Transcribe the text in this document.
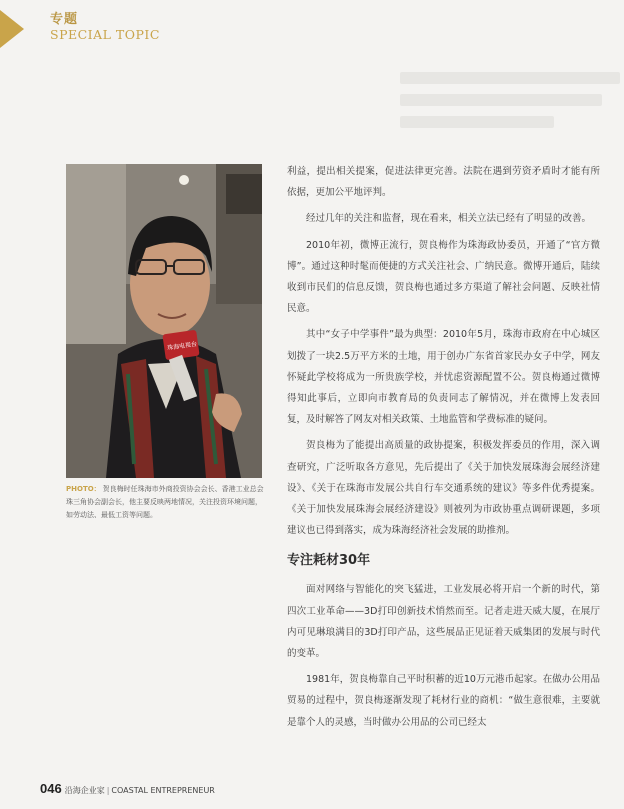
专题
SPECIAL TOPIC
珠海电视台
PHOTO： 贺良梅时任珠海市外商投资协会会长、香港工业总会珠三角协会副会长，他主要反映两地情况，关注投资环境问题，如劳动法、最低工资等问题。

利益，提出相关提案，促进法律更完善。法院在遇到劳资矛盾时才能有所依据，更加公平地评判。

经过几年的关注和监督，现在看来，相关立法已经有了明显的改善。

2010年初，微博正流行，贺良梅作为珠海政协委员，开通了“官方微博”。通过这种时髦而便捷的方式关注社会、广纳民意。微博开通后，陆续收到市民们的信息反馈，贺良梅也通过多方渠道了解社会问题、反映社情民意。

其中“女子中学事件”最为典型：2010年5月，珠海市政府在中心城区划拨了一块2.5万平方米的土地，用于创办广东省首家民办女子中学，网友怀疑此学校将成为一所贵族学校，并忧虑资源配置不公。贺良梅通过微博得知此事后，立即向市教育局的负责同志了解情况，并在微博上发表回复，及时解答了网友对相关政策、土地监管和学费标准的疑问。

贺良梅为了能提出高质量的政协提案，积极发挥委员的作用，深入调查研究，广泛听取各方意见，先后提出了《关于加快发展珠海会展经济建设》、《关于在珠海市发展公共自行车交通系统的建议》等多件优秀提案。《关于加快发展珠海会展经济建设》则被列为市政协重点调研课题，多项建议也已得到落实，成为珠海经济社会发展的助推剂。

专注耗材30年

面对网络与智能化的突飞猛进，工业发展必将开启一个新的时代，第四次工业革命——3D打印创新技术悄然而至。记者走进天威大厦，在展厅内可见琳琅满目的3D打印产品，这些展品正见证着天威集团的发展与时代的变革。

1981年，贺良梅靠自己平时积蓄的近10万元港币起家。在做办公用品贸易的过程中，贺良梅逐渐发现了耗材行业的商机：“做生意很难，主要就是靠个人的灵感，当时做办公用品的公司已经太

046 沿海企业家 | COASTAL ENTREPRENEUR
